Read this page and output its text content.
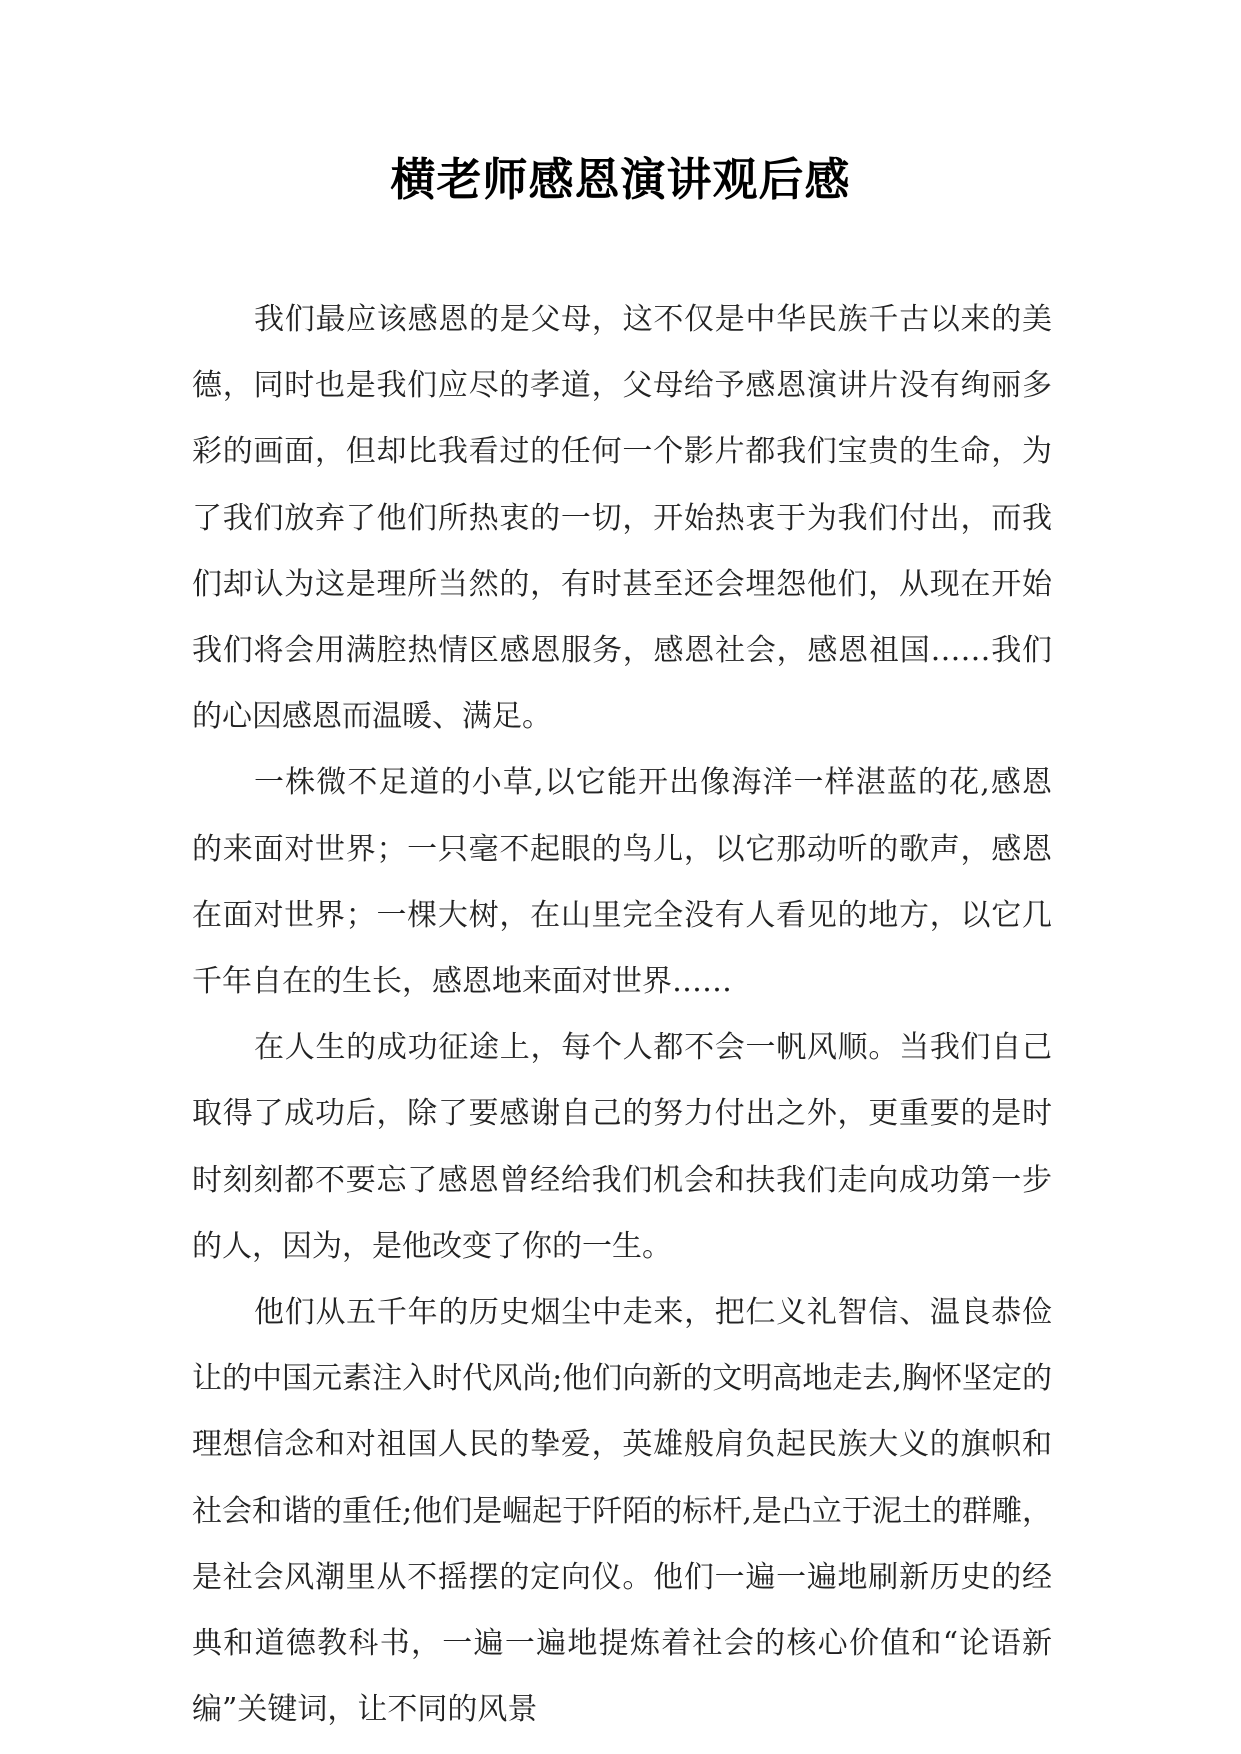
横老师感恩演讲观后感

我们最应该感恩的是父母，这不仅是中华民族千古以来的美德，同时也是我们应尽的孝道，父母给予感恩演讲片没有绚丽多彩的画面，但却比我看过的任何一个影片都我们宝贵的生命，为了我们放弃了他们所热衷的一切，开始热衷于为我们付出，而我们却认为这是理所当然的，有时甚至还会埋怨他们，从现在开始我们将会用满腔热情区感恩服务，感恩社会，感恩祖国……我们的心因感恩而温暖、满足。

一株微不足道的小草,以它能开出像海洋一样湛蓝的花,感恩的来面对世界；一只毫不起眼的鸟儿，以它那动听的歌声，感恩在面对世界；一棵大树，在山里完全没有人看见的地方，以它几千年自在的生长，感恩地来面对世界……

在人生的成功征途上，每个人都不会一帆风顺。当我们自己取得了成功后，除了要感谢自己的努力付出之外，更重要的是时时刻刻都不要忘了感恩曾经给我们机会和扶我们走向成功第一步的人，因为，是他改变了你的一生。

他们从五千年的历史烟尘中走来，把仁义礼智信、温良恭俭让的中国元素注入时代风尚;他们向新的文明高地走去,胸怀坚定的理想信念和对祖国人民的挚爱，英雄般肩负起民族大义的旗帜和社会和谐的重任;他们是崛起于阡陌的标杆,是凸立于泥土的群雕，是社会风潮里从不摇摆的定向仪。他们一遍一遍地刷新历史的经典和道德教科书，一遍一遍地提炼着社会的核心价值和“论语新编”关键词，让不同的风景
